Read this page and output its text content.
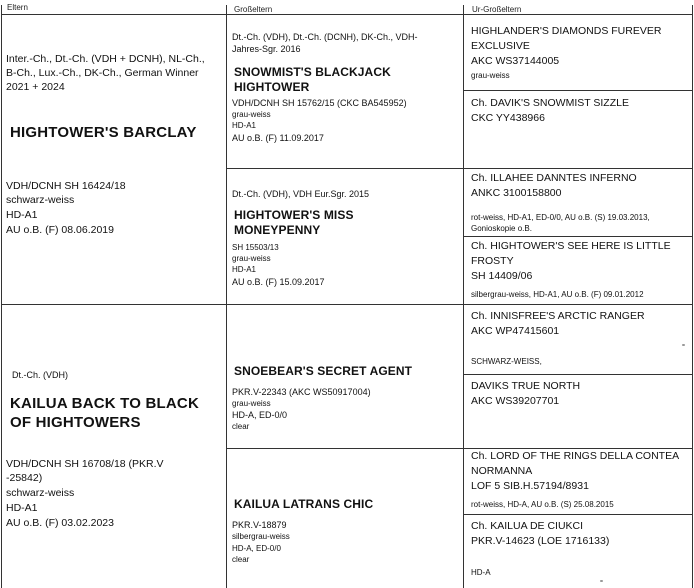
Eltern	Großeltern	Ur-Großeltern
Inter.-Ch., Dt.-Ch. (VDH + DCNH), NL-Ch.,
B-Ch., Lux.-Ch., DK-Ch., German Winner
2021 + 2024
HIGHTOWER'S BARCLAY
VDH/DCNH SH 16424/18
schwarz-weiss
HD-A1
AU o.B. (F) 08.06.2019
Dt.-Ch. (VDH), Dt.-Ch. (DCNH), DK-Ch., VDH-
Jahres-Sgr. 2016
SNOWMIST'S BLACKJACK
HIGHTOWER
VDH/DCNH SH 15762/15 (CKC BA545952)
grau-weiss
HD-A1
AU o.B. (F) 11.09.2017
HIGHLANDER'S DIAMONDS FUREVER
EXCLUSIVE
AKC WS37144005
grau-weiss
Ch. DAVIK'S SNOWMIST SIZZLE
CKC YY438966
Dt.-Ch. (VDH), VDH Eur.Sgr. 2015
HIGHTOWER'S MISS
MONEYPENNY
SH 15503/13
grau-weiss
HD-A1
AU o.B. (F) 15.09.2017
Ch. ILLAHEE DANNTES INFERNO
ANKC 3100158800
rot-weiss, HD-A1, ED-0/0, AU o.B. (S) 19.03.2013,
Gonioskopie o.B.
Ch. HIGHTOWER'S SEE HERE IS LITTLE
FROSTY
SH 14409/06
silbergrau-weiss, HD-A1, AU o.B. (F) 09.01.2012
Dt.-Ch. (VDH)
KAILUA BACK TO BLACK
OF HIGHTOWERS
VDH/DCNH SH 16708/18 (PKR.V
-25842)
schwarz-weiss
HD-A1
AU o.B. (F) 03.02.2023
SNOEBEAR'S SECRET AGENT
PKR.V-22343 (AKC WS50917004)
grau-weiss
HD-A, ED-0/0
clear
Ch. INNISFREE'S ARCTIC RANGER
AKC WP47415601
SCHWARZ-WEISS,
DAVIKS TRUE NORTH
AKC WS39207701
KAILUA LATRANS CHIC
PKR.V-18879
silbergrau-weiss
HD-A, ED-0/0
clear
Ch. LORD OF THE RINGS DELLA CONTEA
NORMANNA
LOF 5 SIB.H.57194/8931
rot-weiss, HD-A, AU o.B. (S) 25.08.2015
Ch. KAILUA DE CIUKCI
PKR.V-14623 (LOE 1716133)
HD-A
